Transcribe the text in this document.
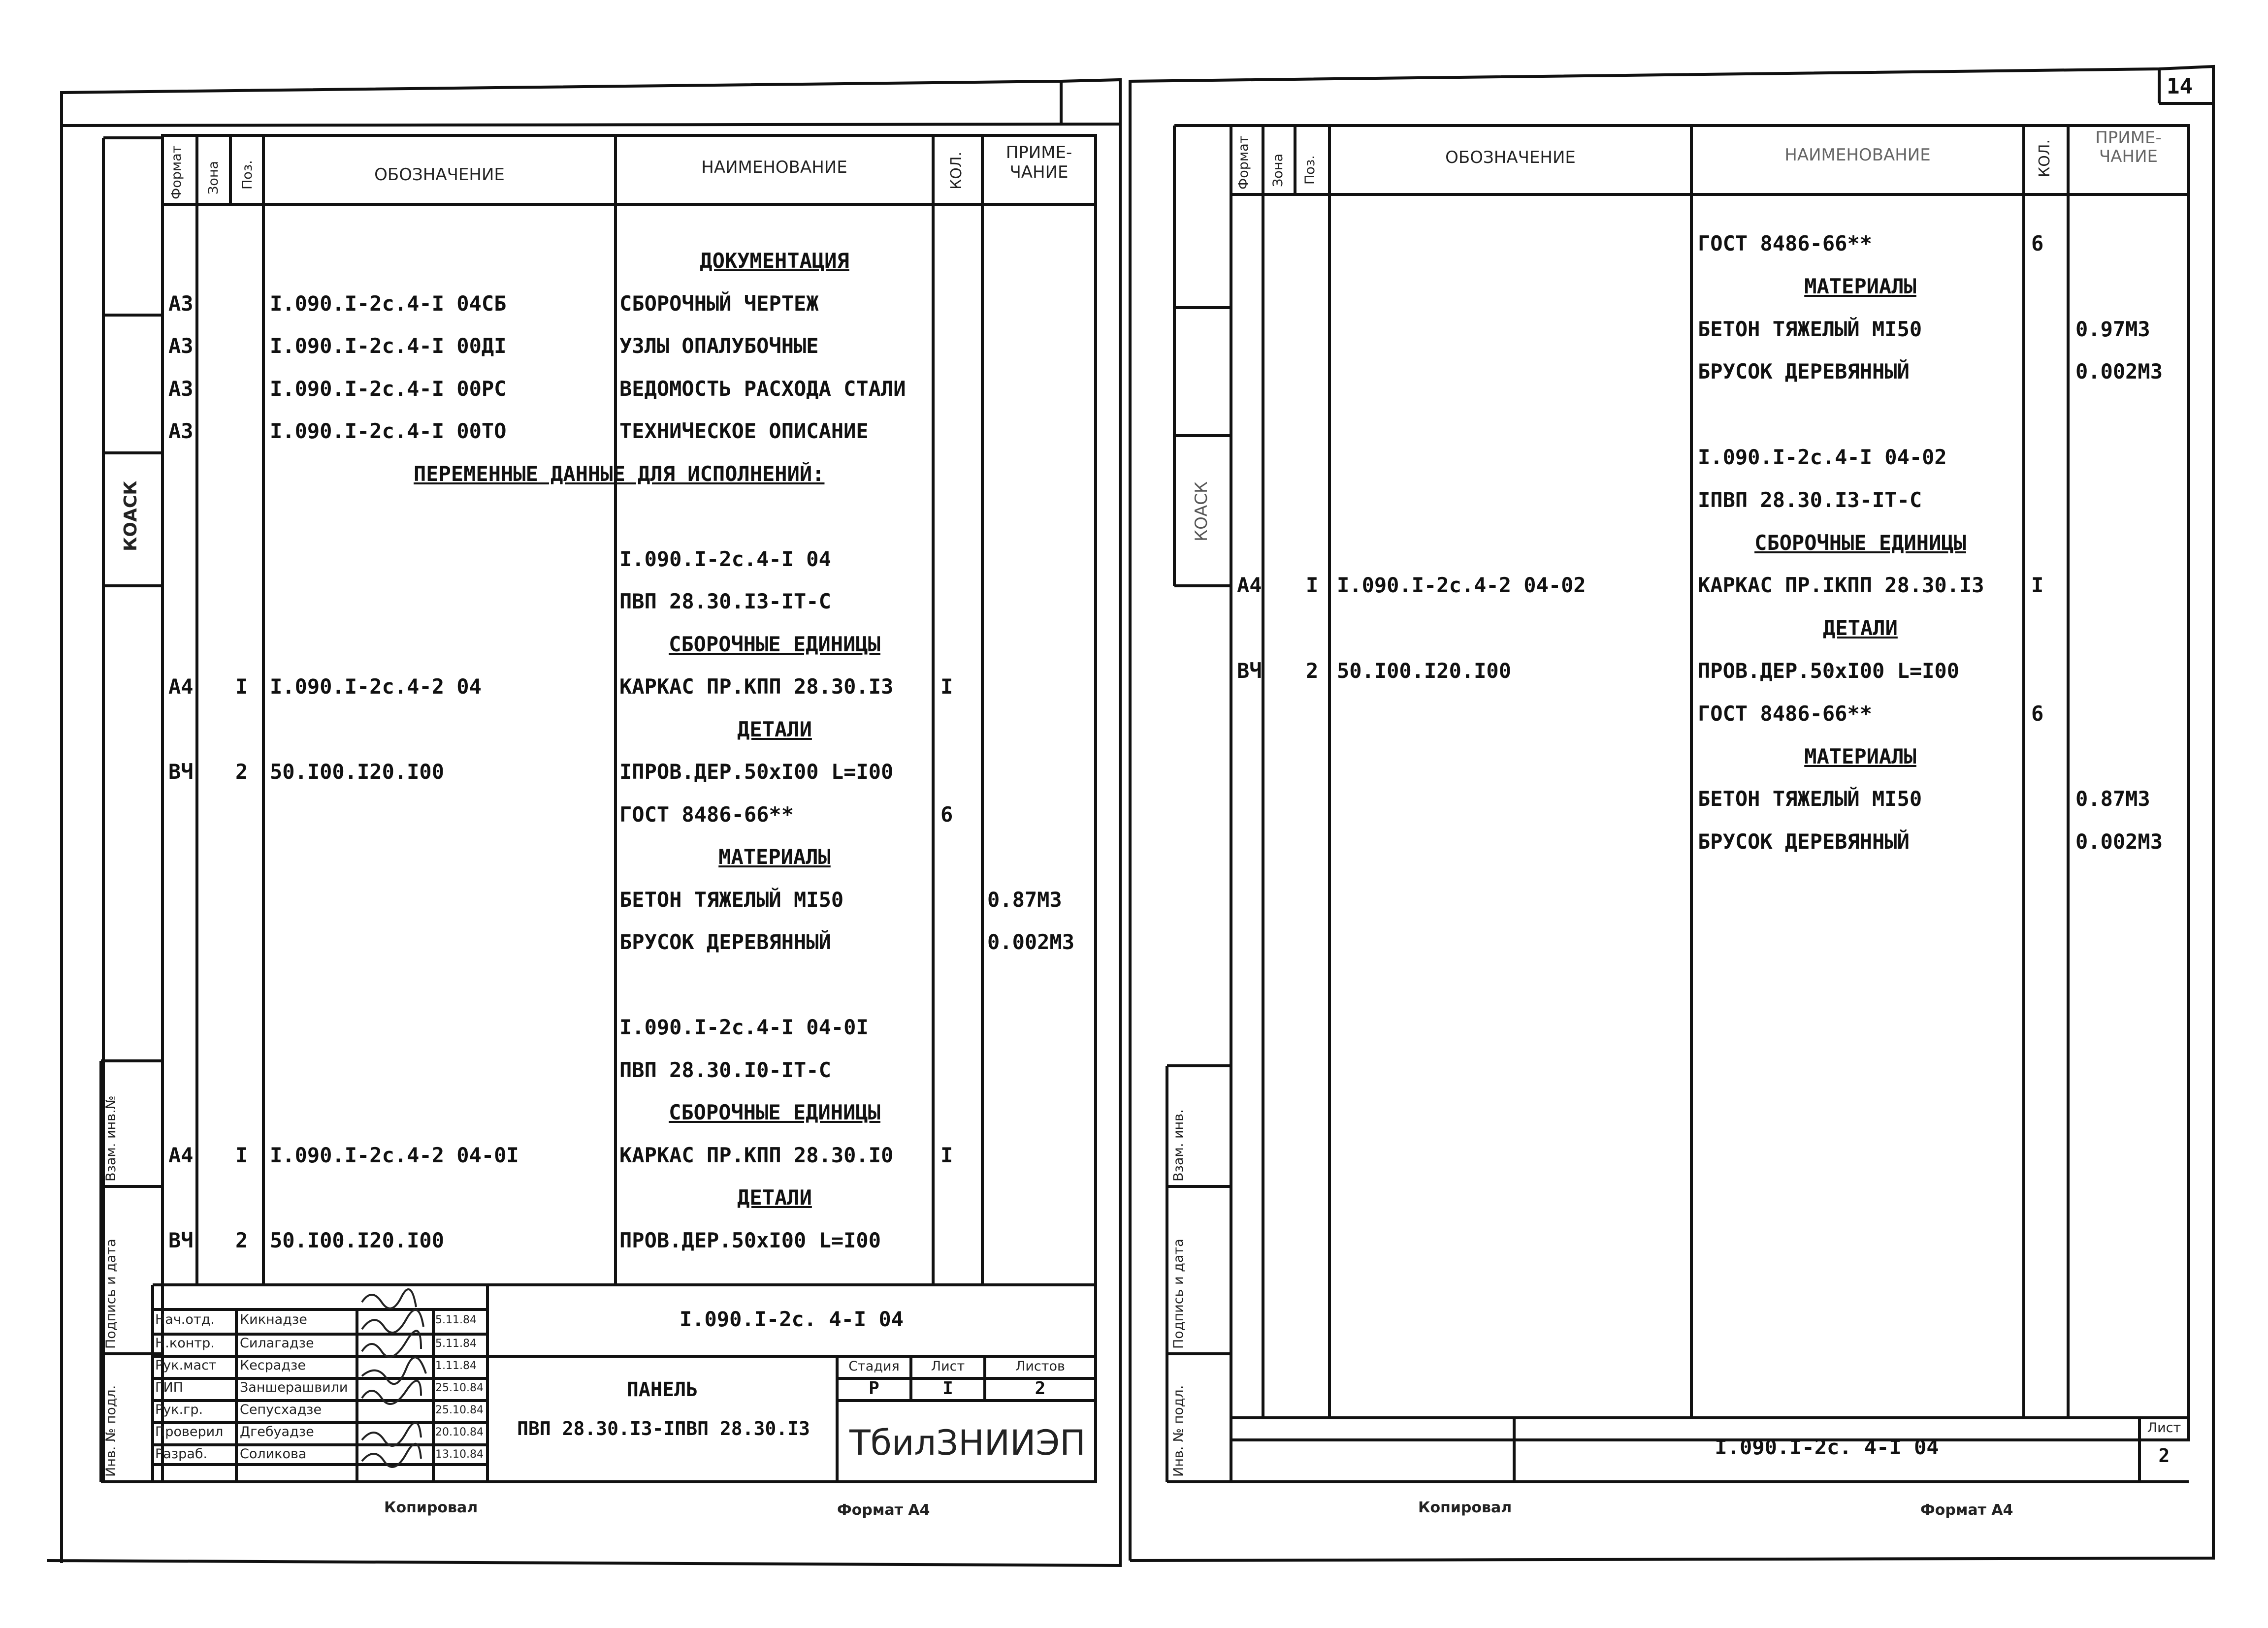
14
Формат Зона Поз.	ОБОЗНАЧЕНИЕ	НАИМЕНОВАНИЕ	КОЛ.	ПРИМЕ-
ЧАНИЕ
КОАСК
Инв. № подл.
Подпись и дата
Взам. инв.№
ДОКУМЕНТАЦИЯ
А3	I.090.I-2с.4-I 04СБ	СБОРОЧНЫЙ ЧЕРТЕЖ
А3	I.090.I-2с.4-I 00ДI	УЗЛЫ ОПАЛУБОЧНЫЕ
А3	I.090.I-2с.4-I 00РС	ВЕДОМОСТЬ РАСХОДА СТАЛИ
А3	I.090.I-2с.4-I 00ТО	ТЕХНИЧЕСКОЕ ОПИСАНИЕ
ПЕРЕМЕННЫЕ ДАННЫЕ ДЛЯ ИСПОЛНЕНИЙ:
I.090.I-2с.4-I 04
ПВП 28.30.I3-IТ-С
СБОРОЧНЫЕ ЕДИНИЦЫ
А4 I I.090.I-2с.4-2 04	КАРКАС ПР.КПП 28.30.I3 I
ДЕТАЛИ
ВЧ 2 50.I00.I20.I00	IПРОВ.ДЕР.50хI00 L=I00
ГОСТ 8486-66**	6
МАТЕРИАЛЫ
БЕТОН ТЯЖЕЛЫЙ МI50	0.87М3
БРУСОК ДЕРЕВЯННЫЙ	0.002М3
I.090.I-2с.4-I 04-0I
ПВП 28.30.I0-IТ-С
СБОРОЧНЫЕ ЕДИНИЦЫ
А4 I I.090.I-2с.4-2 04-0I	КАРКАС ПР.КПП 28.30.I0 I
ДЕТАЛИ
ВЧ 2 50.I00.I20.I00	ПРОВ.ДЕР.50хI00 L=I00
I.090.I-2с. 4-I 04
Нач.отд.	Кикнадзе	5.11.84
Н.контр.	Силагадзе	5.11.84
Рук.маст	Кесрадзе	1.11.84
ГИП	Заншерашвили	25.10.84
Рук.гр.	Сепусхадзе	25.10.84
Проверил	Дгебуадзе	20.10.84
Разраб.	Соликова	13.10.84
ПАНЕЛЬ
ПВП 28.30.I3-IПВП 28.30.I3
Стадия	Лист	Листов
Р	I	2
ТбилЗНИИЭП
Копировал	Формат А4
Формат Зона Поз.	ОБОЗНАЧЕНИЕ	НАИМЕНОВАНИЕ	КОЛ.
ПРИМЕ-
ЧАНИЕ
КОАСК
Инв. № подл.
Подпись и дата
Взам. инв.
ГОСТ 8486-66**	6
МАТЕРИАЛЫ
БЕТОН ТЯЖЕЛЫЙ МI50	0.97М3
БРУСОК ДЕРЕВЯННЫЙ	0.002М3
I.090.I-2с.4-I 04-02
IПВП 28.30.I3-IТ-С
СБОРОЧНЫЕ ЕДИНИЦЫ
А4 I I.090.I-2с.4-2 04-02	КАРКАС ПР.IКПП 28.30.I3 I
ДЕТАЛИ
ВЧ 2 50.I00.I20.I00	ПРОВ.ДЕР.50хI00 L=I00
ГОСТ 8486-66**	6
МАТЕРИАЛЫ
БЕТОН ТЯЖЕЛЫЙ МI50	0.87М3
БРУСОК ДЕРЕВЯННЫЙ	0.002М3
I.090.I-2с. 4-I 04
Лист
2
Копировал	Формат А4
